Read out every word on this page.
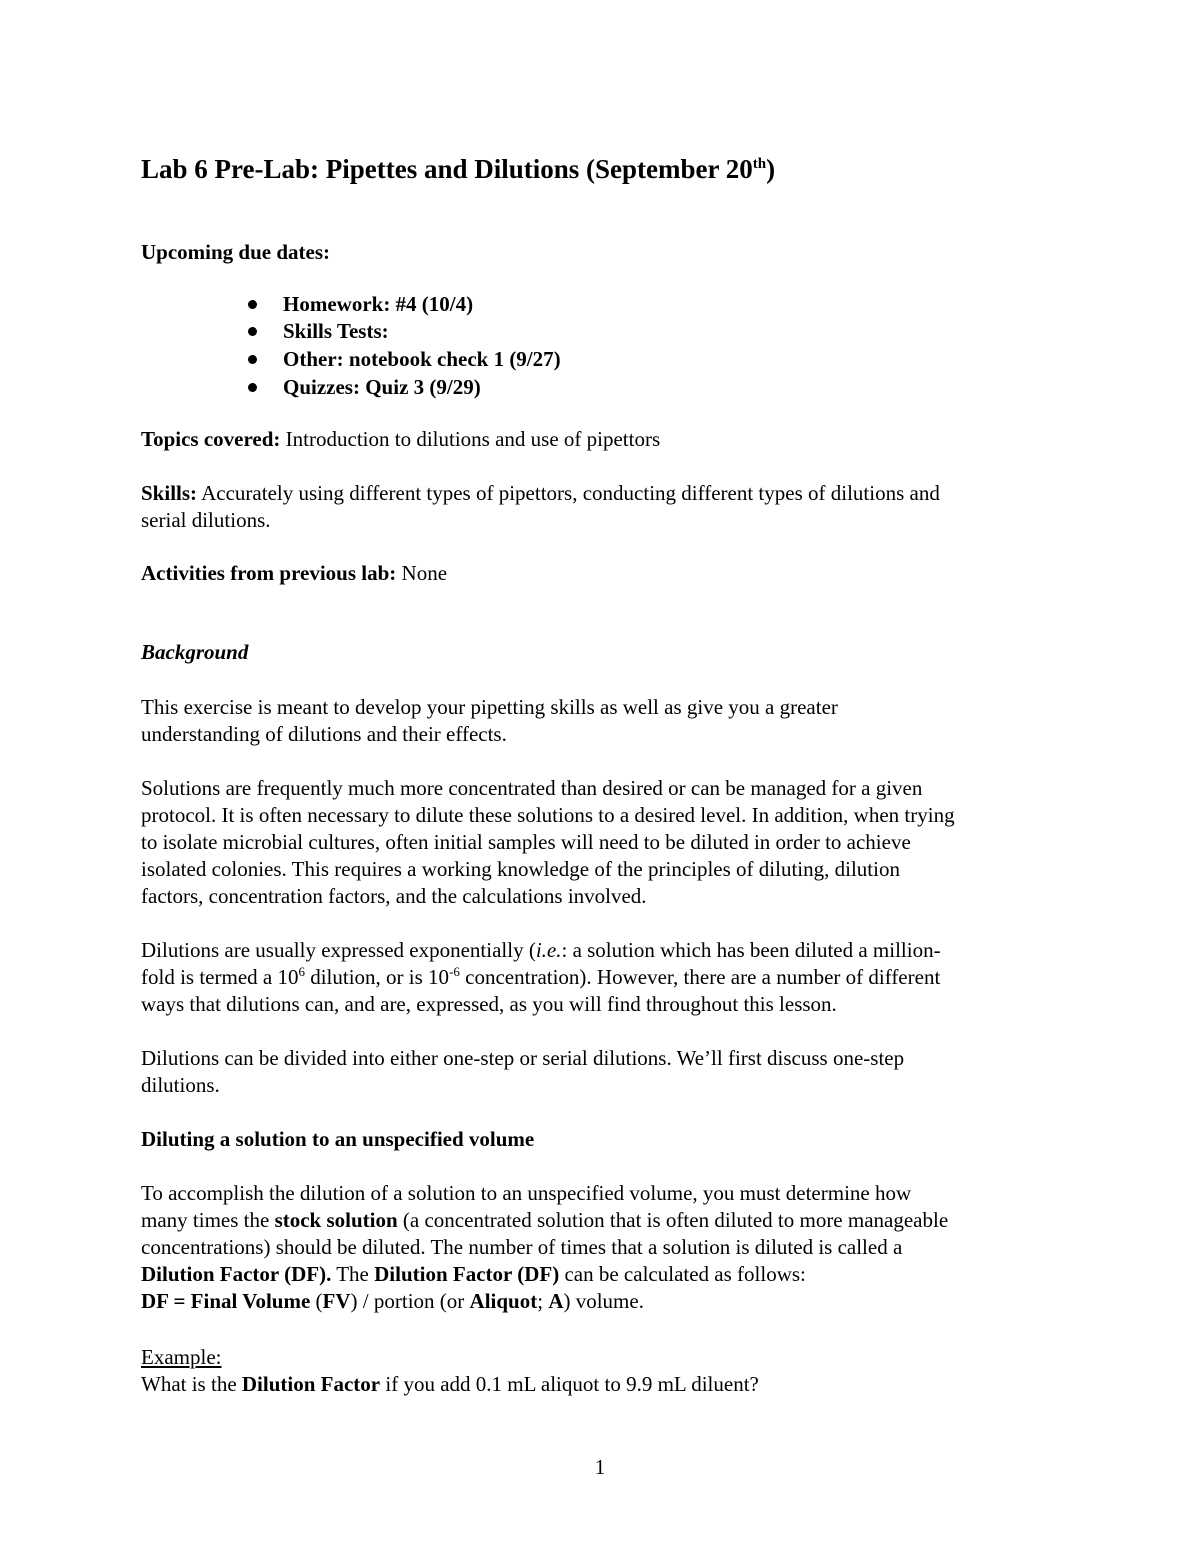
Lab 6 Pre-Lab: Pipettes and Dilutions (September 20th)

Upcoming due dates:

Homework: #4 (10/4)

Skills Tests:

Other: notebook check 1 (9/27)

Quizzes: Quiz 3 (9/29)

Topics covered: Introduction to dilutions and use of pipettors

Skills: Accurately using different types of pipettors, conducting different types of dilutions and

serial dilutions.

Activities from previous lab: None

Background

This exercise is meant to develop your pipetting skills as well as give you a greater

understanding of dilutions and their effects.

Solutions are frequently much more concentrated than desired or can be managed for a given

protocol. It is often necessary to dilute these solutions to a desired level. In addition, when trying

to isolate microbial cultures, often initial samples will need to be diluted in order to achieve

isolated colonies. This requires a working knowledge of the principles of diluting, dilution

factors, concentration factors, and the calculations involved.

Dilutions are usually expressed exponentially (i.e.: a solution which has been diluted a million-

fold is termed a $10^6$ dilution, or is $10^{-6}$ concentration). However, there are a number of different

ways that dilutions can, and are, expressed, as you will find throughout this lesson.

Dilutions can be divided into either one-step or serial dilutions. We’ll first discuss one-step

dilutions.

Diluting a solution to an unspecified volume

To accomplish the dilution of a solution to an unspecified volume, you must determine how

many times the stock solution (a concentrated solution that is often diluted to more manageable

concentrations) should be diluted. The number of times that a solution is diluted is called a

Dilution Factor (DF). The Dilution Factor (DF) can be calculated as follows:

DF = Final Volume (FV) / portion (or Aliquot; A) volume.

Example:

What is the Dilution Factor if you add 0.1 mL aliquot to 9.9 mL diluent?

1
